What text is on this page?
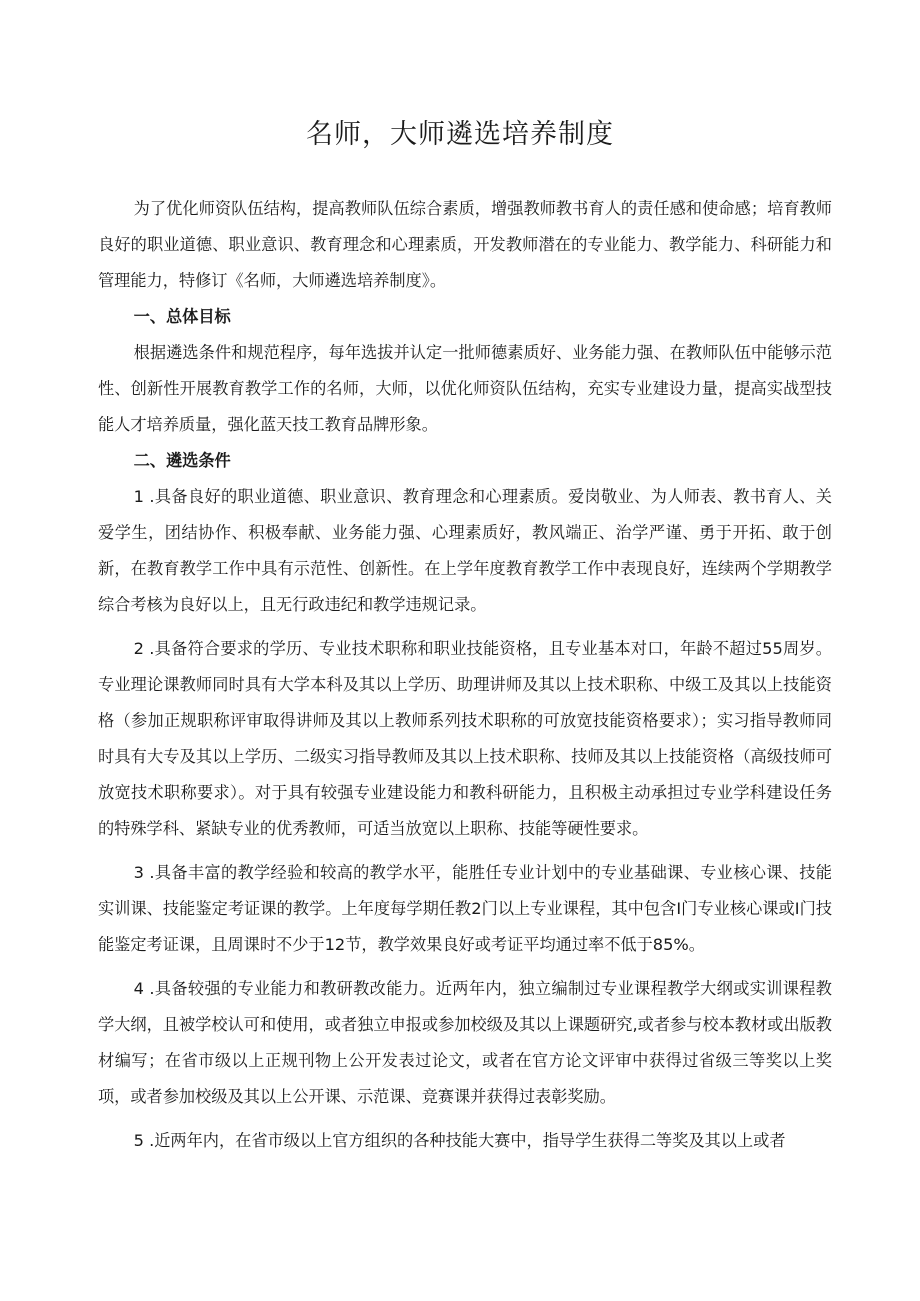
名师，大师遴选培养制度

为了优化师资队伍结构，提高教师队伍综合素质，增强教师教书育人的责任感和使命感；培育教师良好的职业道德、职业意识、教育理念和心理素质，开发教师潜在的专业能力、教学能力、科研能力和管理能力，特修订《名师，大师遴选培养制度》。

一、总体目标

根据遴选条件和规范程序，每年选拔并认定一批师德素质好、业务能力强、在教师队伍中能够示范性、创新性开展教育教学工作的名师，大师，以优化师资队伍结构，充实专业建设力量，提高实战型技能人才培养质量，强化蓝天技工教育品牌形象。

二、遴选条件

1 .具备良好的职业道德、职业意识、教育理念和心理素质。爱岗敬业、为人师表、教书育人、关爱学生，团结协作、积极奉献、业务能力强、心理素质好，教风端正、治学严谨、勇于开拓、敢于创新，在教育教学工作中具有示范性、创新性。在上学年度教育教学工作中表现良好，连续两个学期教学综合考核为良好以上，且无行政违纪和教学违规记录。

2 .具备符合要求的学历、专业技术职称和职业技能资格，且专业基本对口，年龄不超过55周岁。专业理论课教师同时具有大学本科及其以上学历、助理讲师及其以上技术职称、中级工及其以上技能资格（参加正规职称评审取得讲师及其以上教师系列技术职称的可放宽技能资格要求）；实习指导教师同时具有大专及其以上学历、二级实习指导教师及其以上技术职称、技师及其以上技能资格（高级技师可放宽技术职称要求）。对于具有较强专业建设能力和教科研能力，且积极主动承担过专业学科建设任务的特殊学科、紧缺专业的优秀教师，可适当放宽以上职称、技能等硬性要求。

3 .具备丰富的教学经验和较高的教学水平，能胜任专业计划中的专业基础课、专业核心课、技能实训课、技能鉴定考证课的教学。上年度每学期任教2门以上专业课程，其中包含I门专业核心课或I门技能鉴定考证课，且周课时不少于12节，教学效果良好或考证平均通过率不低于85%。

4 .具备较强的专业能力和教研教改能力。近两年内，独立编制过专业课程教学大纲或实训课程教学大纲，且被学校认可和使用，或者独立申报或参加校级及其以上课题研究,或者参与校本教材或出版教材编写；在省市级以上正规刊物上公开发表过论文，或者在官方论文评审中获得过省级三等奖以上奖项，或者参加校级及其以上公开课、示范课、竞赛课并获得过表彰奖励。

5 .近两年内，在省市级以上官方组织的各种技能大赛中，指导学生获得二等奖及其以上或者
